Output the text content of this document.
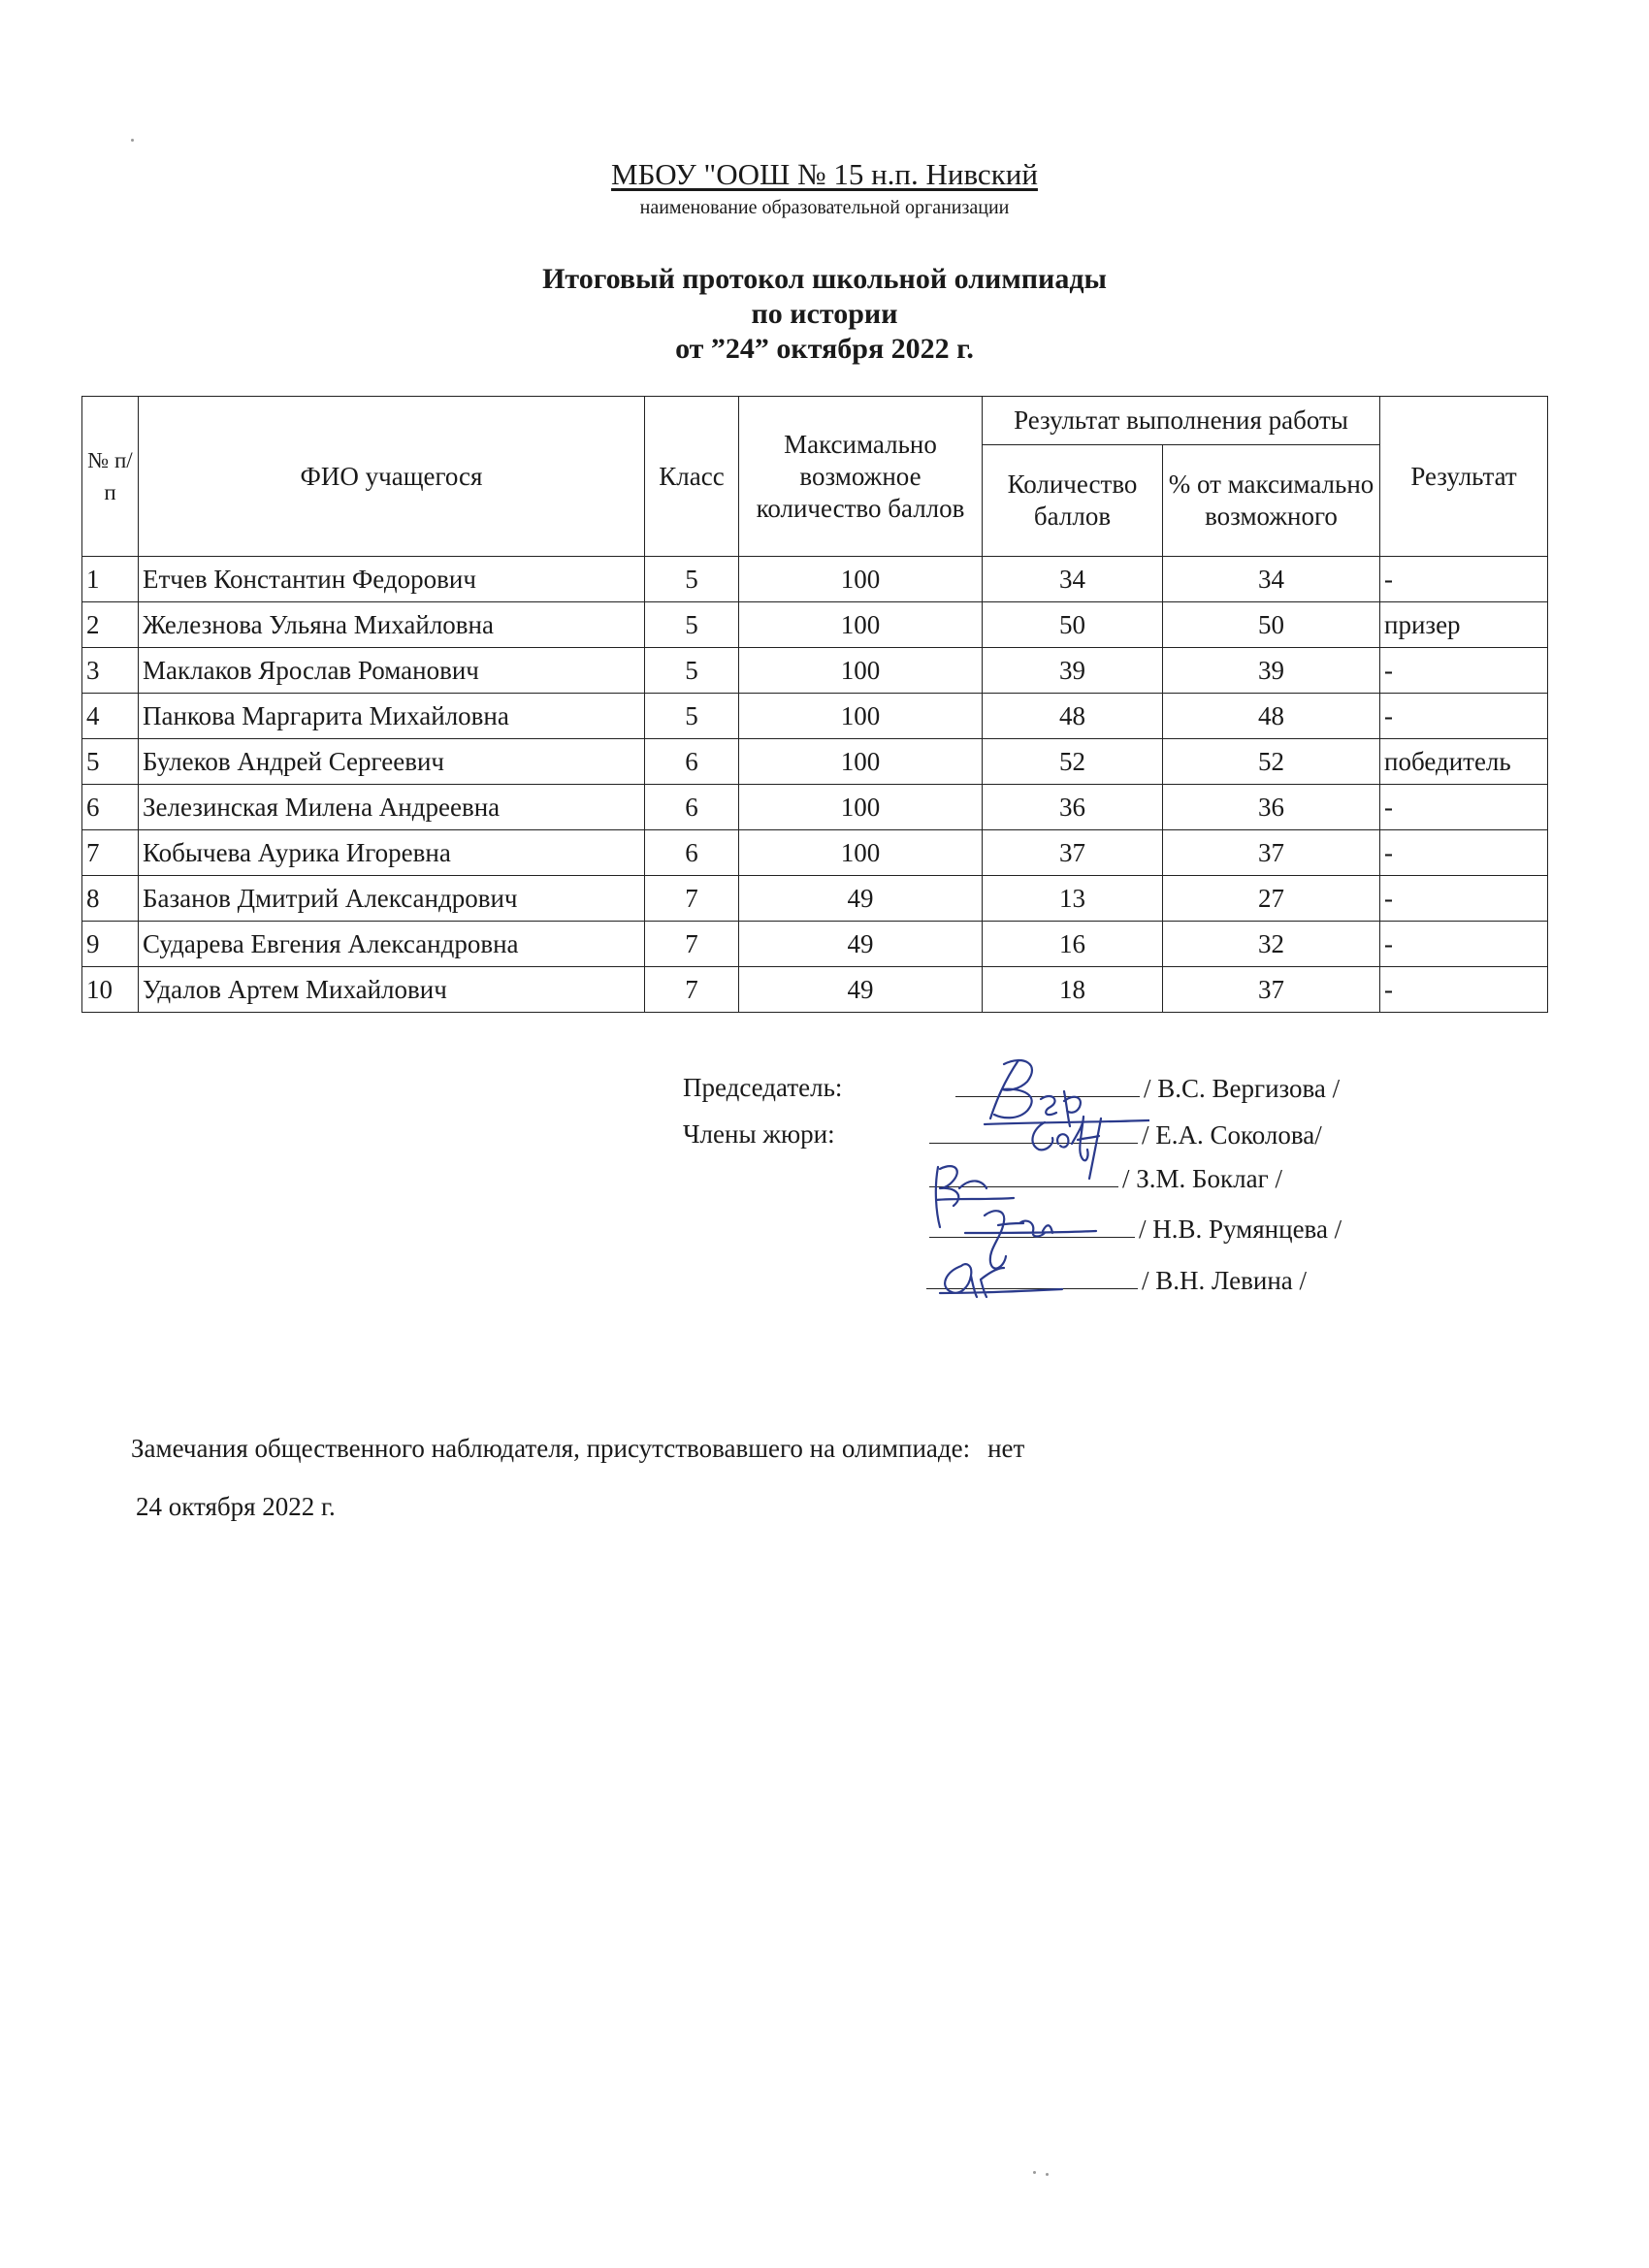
МБОУ "ООШ № 15 н.п. Нивский
наименование образовательной организации
Итоговый протокол школьной олимпиады
по истории
от ”24” октября 2022 г.
№ п/п	ФИО учащегося	Класс	Максимально возможное количество баллов	Результат выполнения работы		Результат
				Количество баллов	% от максимально возможного	
1	Етчев Константин Федорович	5	100	34	34	-
2	Железнова Ульяна Михайловна	5	100	50	50	призер
3	Маклаков Ярослав Романович	5	100	39	39	-
4	Панкова Маргарита Михайловна	5	100	48	48	-
5	Булеков Андрей Сергеевич	6	100	52	52	победитель
6	Зелезинская Милена Андреевна	6	100	36	36	-
7	Кобычева Аурика Игоревна	6	100	37	37	-
8	Базанов Дмитрий Александрович	7	49	13	27	-
9	Сударева Евгения Александровна	7	49	16	32	-
10	Удалов Артем Михайлович	7	49	18	37	-
Председатель:
Члены жюри:
/ В.С. Вергизова /
/ Е.А. Соколова/
/ З.М. Боклаг /
/ Н.В. Румянцева /
/ В.Н. Левина /
Замечания общественного наблюдателя, присутствовавшего на олимпиаде: нет
24 октября 2022 г.
